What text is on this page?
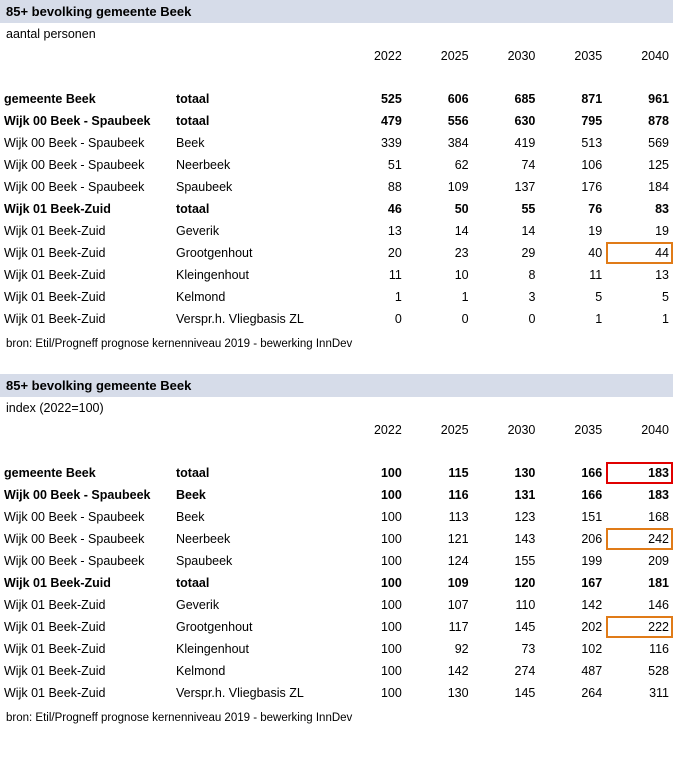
85+ bevolking gemeente Beek
aantal personen
		2022	2025	2030	2035	2040

gemeente Beek	totaal	525	606	685	871	961
Wijk 00 Beek - Spaubeek	totaal	479	556	630	795	878
Wijk 00 Beek - Spaubeek	Beek	339	384	419	513	569
Wijk 00 Beek - Spaubeek	Neerbeek	51	62	74	106	125
Wijk 00 Beek - Spaubeek	Spaubeek	88	109	137	176	184
Wijk 01 Beek-Zuid	totaal	46	50	55	76	83
Wijk 01 Beek-Zuid	Geverik	13	14	14	19	19
Wijk 01 Beek-Zuid	Grootgenhout	20	23	29	40	44
Wijk 01 Beek-Zuid	Kleingenhout	11	10	8	11	13
Wijk 01 Beek-Zuid	Kelmond	1	1	3	5	5
Wijk 01 Beek-Zuid	Verspr.h. Vliegbasis ZL	0	0	0	1	1
bron: Etil/Progneff prognose kernenniveau 2019 - bewerking InnDev
85+ bevolking gemeente Beek
index (2022=100)
		2022	2025	2030	2035	2040

gemeente Beek	totaal	100	115	130	166	183
Wijk 00 Beek - Spaubeek	Beek	100	116	131	166	183
Wijk 00 Beek - Spaubeek	Beek	100	113	123	151	168
Wijk 00 Beek - Spaubeek	Neerbeek	100	121	143	206	242
Wijk 00 Beek - Spaubeek	Spaubeek	100	124	155	199	209
Wijk 01 Beek-Zuid	totaal	100	109	120	167	181
Wijk 01 Beek-Zuid	Geverik	100	107	110	142	146
Wijk 01 Beek-Zuid	Grootgenhout	100	117	145	202	222
Wijk 01 Beek-Zuid	Kleingenhout	100	92	73	102	116
Wijk 01 Beek-Zuid	Kelmond	100	142	274	487	528
Wijk 01 Beek-Zuid	Verspr.h. Vliegbasis ZL	100	130	145	264	311
bron: Etil/Progneff prognose kernenniveau 2019 - bewerking InnDev
